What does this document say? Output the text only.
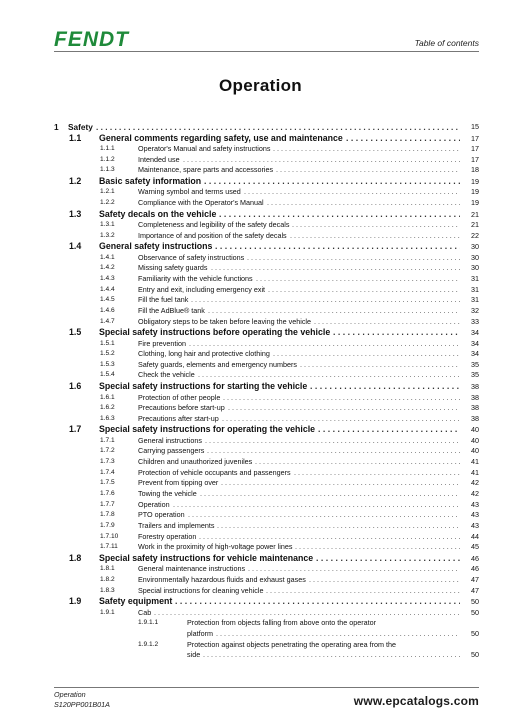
FENDT	Table of contents
Operation
1 Safety . . .	15
1.1 General comments regarding safety, use and maintenance . . .	17
1.1.1	Operator's Manual and safety instructions . . .	17
1.1.2	Intended use . . .	17
1.1.3	Maintenance, spare parts and accessories . . .	18
1.2 Basic safety information . . .	19
1.2.1	Warning symbol and terms used . . .	19
1.2.2	Compliance with the Operator's Manual . . .	19
1.3 Safety decals on the vehicle . . .	21
1.3.1	Completeness and legibility of the safety decals . . .	21
1.3.2	Importance of and position of the safety decals . . .	22
1.4 General safety instructions . . .	30
1.4.1	Observance of safety instructions . . .	30
1.4.2	Missing safety guards . . .	30
1.4.3	Familiarity with the vehicle functions . . .	31
1.4.4	Entry and exit, including emergency exit . . .	31
1.4.5	Fill the fuel tank . . .	31
1.4.6	Fill the AdBlue® tank . . .	32
1.4.7	Obligatory steps to be taken before leaving the vehicle . . .	33
1.5 Special safety instructions before operating the vehicle . . .	34
1.5.1	Fire prevention . . .	34
1.5.2	Clothing, long hair and protective clothing . . .	34
1.5.3	Safety guards, elements and emergency numbers . . .	35
1.5.4	Check the vehicle . . .	35
1.6 Special safety instructions for starting the vehicle . . .	38
1.6.1	Protection of other people . . .	38
1.6.2	Precautions before start-up . . .	38
1.6.3	Precautions after start-up . . .	38
1.7 Special safety instructions for operating the vehicle . . .	40
1.7.1	General instructions . . .	40
1.7.2	Carrying passengers . . .	40
1.7.3	Children and unauthorized juveniles . . .	41
1.7.4	Protection of vehicle occupants and passengers . . .	41
1.7.5	Prevent from tipping over . . .	42
1.7.6	Towing the vehicle . . .	42
1.7.7	Operation . . .	43
1.7.8	PTO operation . . .	43
1.7.9	Trailers and implements . . .	43
1.7.10	Forestry operation . . .	44
1.7.11	Work in the proximity of high-voltage power lines . . .	45
1.8 Special safety instructions for vehicle maintenance . . .	46
1.8.1	General maintenance instructions . . .	46
1.8.2	Environmentally hazardous fluids and exhaust gases . . .	47
1.8.3	Special instructions for cleaning vehicle . . .	47
1.9 Safety equipment . . .	50
1.9.1	Cab . . .	50
1.9.1.1	Protection from objects falling from above onto the operator
platform . . .	50
1.9.1.2	Protection against objects penetrating the operating area from the
side . . .	50
Operation
S120PP001B01A	www.epcatalogs.com
